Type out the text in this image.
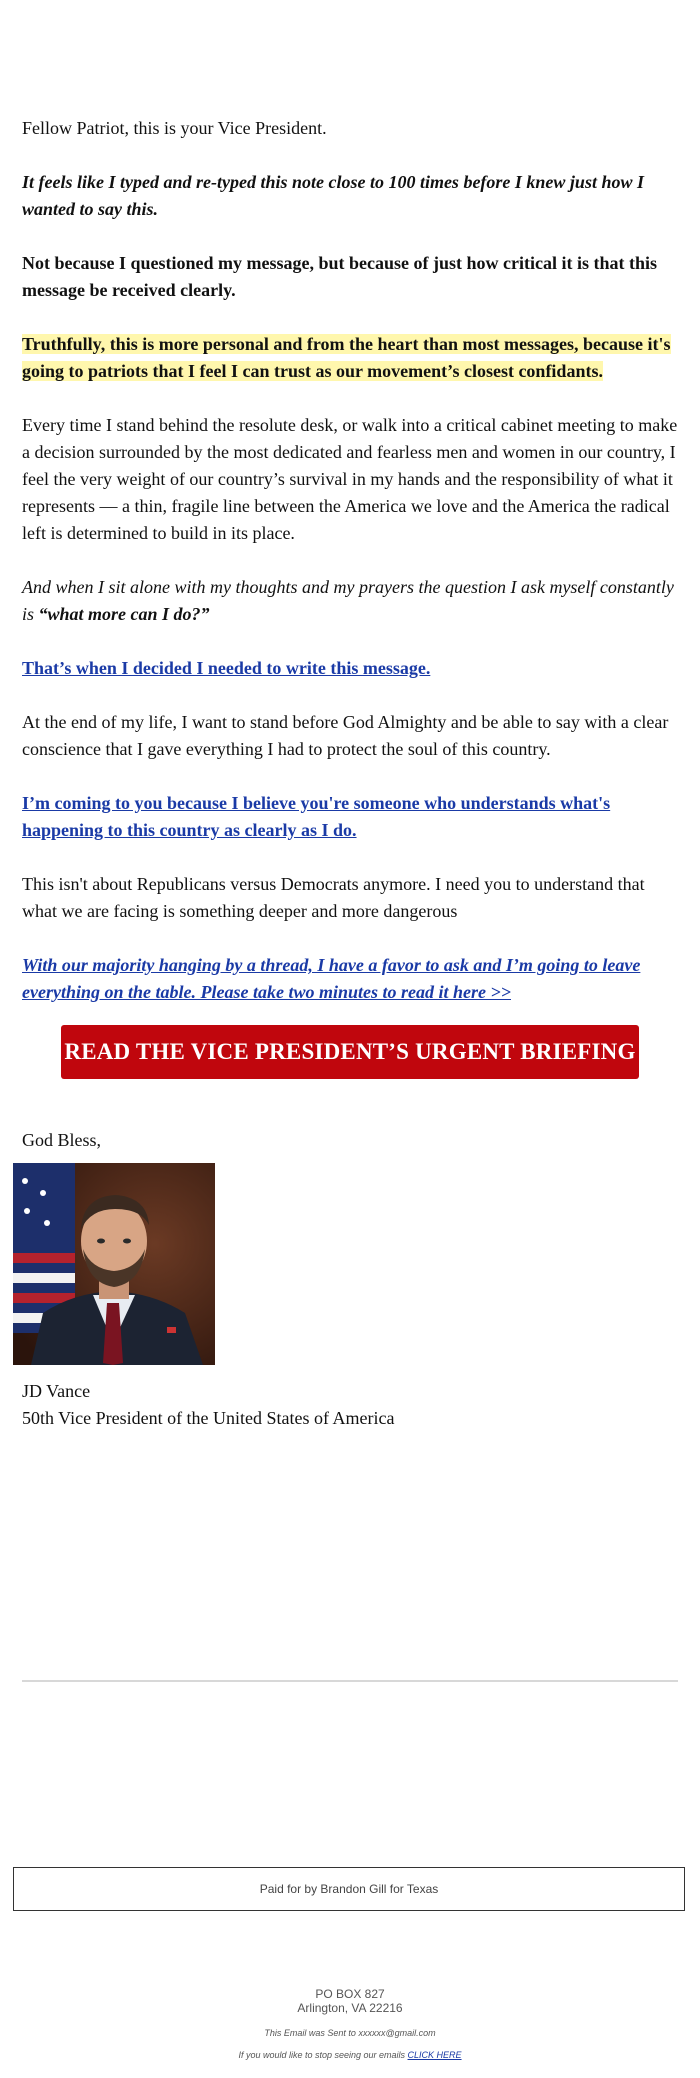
Fellow Patriot, this is your Vice President.

It feels like I typed and re-typed this note close to 100 times before I knew just how I wanted to say this.

Not because I questioned my message, but because of just how critical it is that this message be received clearly.

Truthfully, this is more personal and from the heart than most messages, because it's going to patriots that I feel I can trust as our movement’s closest confidants.

Every time I stand behind the resolute desk, or walk into a critical cabinet meeting to make a decision surrounded by the most dedicated and fearless men and women in our country, I feel the very weight of our country’s survival in my hands and the responsibility of what it represents — a thin, fragile line between the America we love and the America the radical left is determined to build in its place.

And when I sit alone with my thoughts and my prayers the question I ask myself constantly is “what more can I do?”

That’s when I decided I needed to write this message.

At the end of my life, I want to stand before God Almighty and be able to say with a clear conscience that I gave everything I had to protect the soul of this country.

I’m coming to you because I believe you're someone who understands what's happening to this country as clearly as I do.

This isn't about Republicans versus Democrats anymore. I need you to understand that what we are facing is something deeper and more dangerous

With our majority hanging by a thread, I have a favor to ask and I’m going to leave everything on the table. Please take two minutes to read it here >>

READ THE VICE PRESIDENT’S URGENT BRIEFING

God Bless,

JD Vance

50th Vice President of the United States of America

Paid for by Brandon Gill for Texas

PO BOX 827

Arlington, VA 22216

This Email was Sent to xxxxxx@gmail.com

If you would like to stop seeing our emails CLICK HERE
